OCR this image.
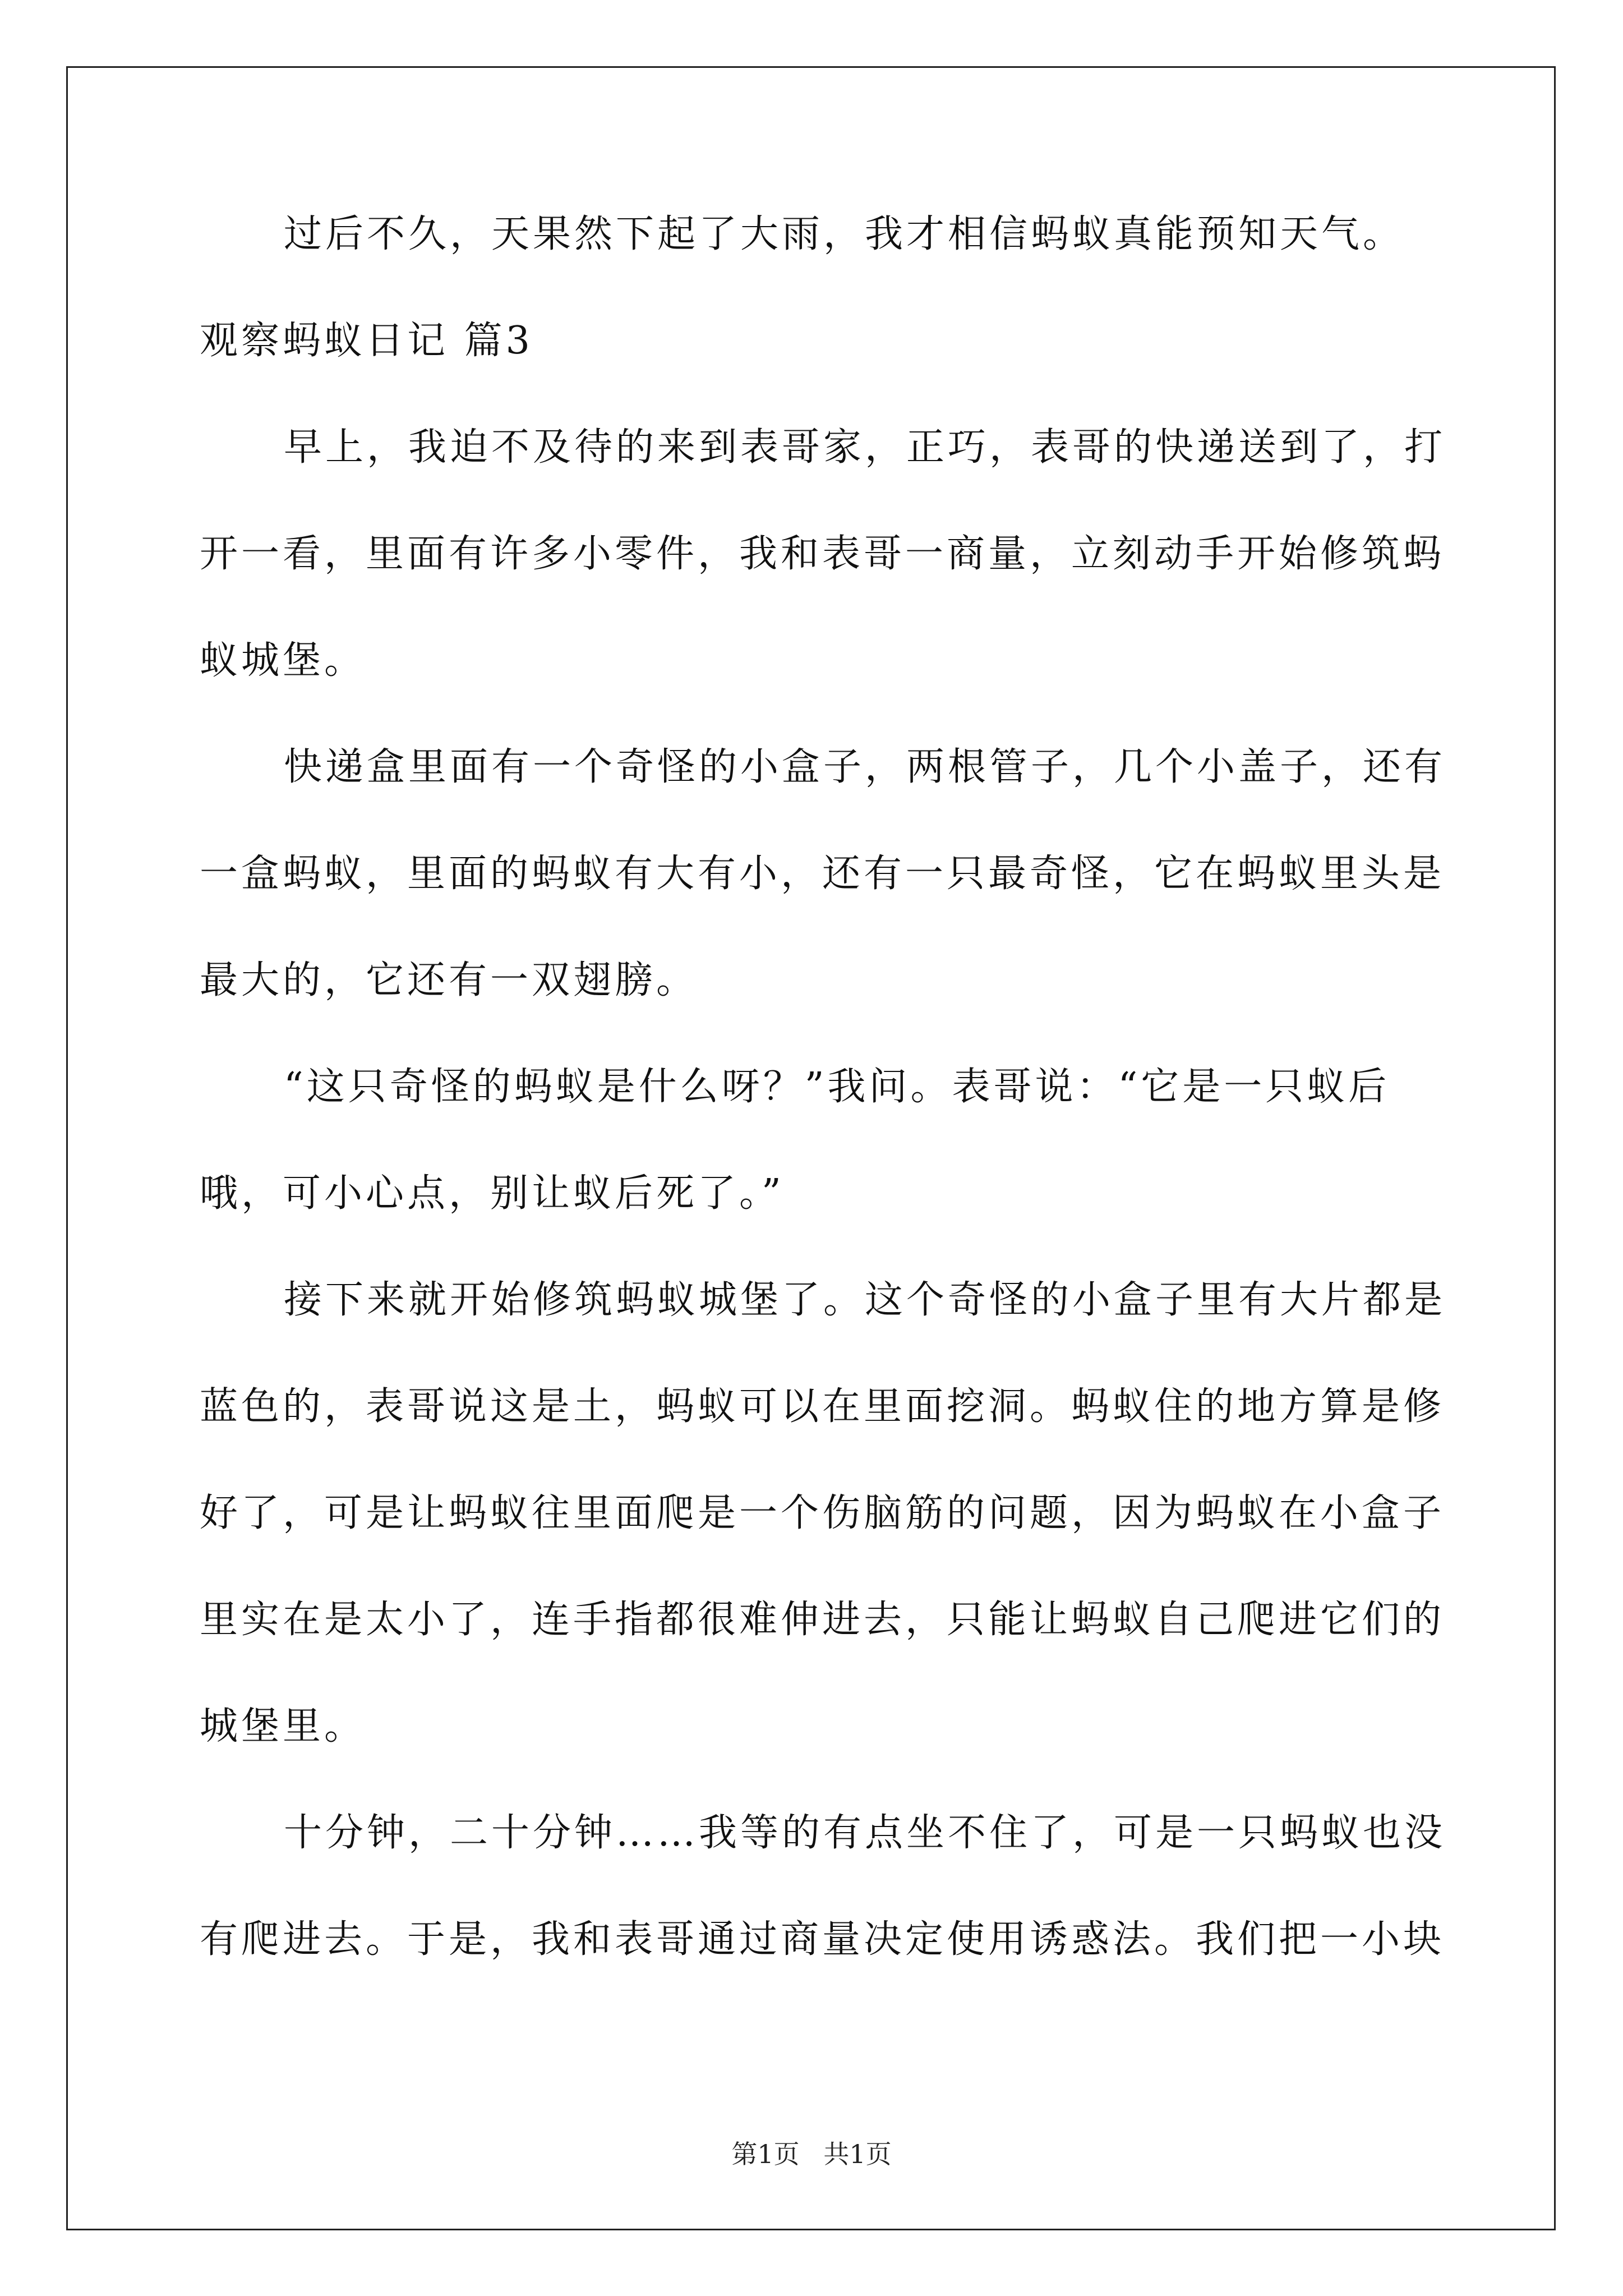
过后不久，天果然下起了大雨，我才相信蚂蚁真能预知天气。
观察蚂蚁日记 篇3
早上，我迫不及待的来到表哥家，正巧，表哥的快递送到了，打
开一看，里面有许多小零件，我和表哥一商量，立刻动手开始修筑蚂
蚁城堡。
快递盒里面有一个奇怪的小盒子，两根管子，几个小盖子，还有
一盒蚂蚁，里面的蚂蚁有大有小，还有一只最奇怪，它在蚂蚁里头是
最大的，它还有一双翅膀。
“这只奇怪的蚂蚁是什么呀？”我问。表哥说：“它是一只蚁后
哦，可小心点，别让蚁后死了。”
接下来就开始修筑蚂蚁城堡了。这个奇怪的小盒子里有大片都是
蓝色的，表哥说这是土，蚂蚁可以在里面挖洞。蚂蚁住的地方算是修
好了，可是让蚂蚁往里面爬是一个伤脑筋的问题，因为蚂蚁在小盒子
里实在是太小了，连手指都很难伸进去，只能让蚂蚁自己爬进它们的
城堡里。
十分钟，二十分钟……我等的有点坐不住了，可是一只蚂蚁也没
有爬进去。于是，我和表哥通过商量决定使用诱惑法。我们把一小块
第1页 共1页
